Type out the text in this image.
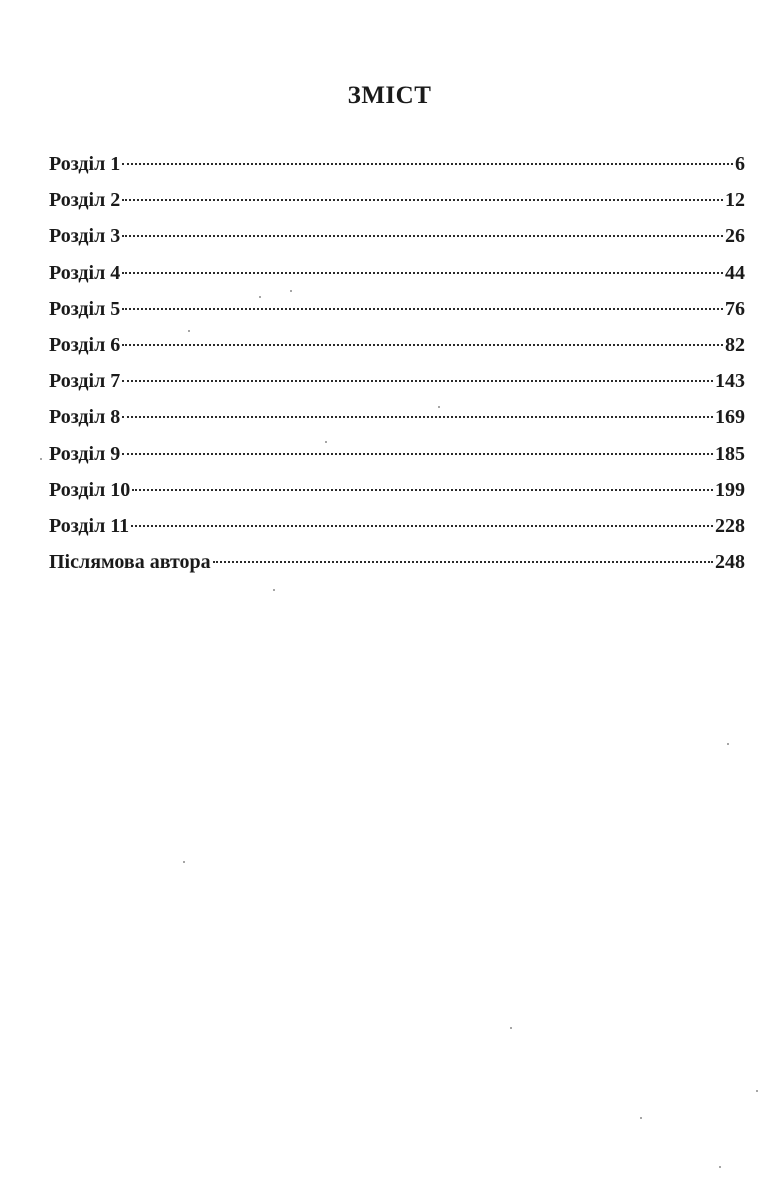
ЗМІСТ
Розділ 1	6
Розділ 2	12
Розділ 3	26
Розділ 4	44
Розділ 5	76
Розділ 6	82
Розділ 7	143
Розділ 8	169
Розділ 9	185
Розділ 10	199
Розділ 11	228
Післямова автора	248
